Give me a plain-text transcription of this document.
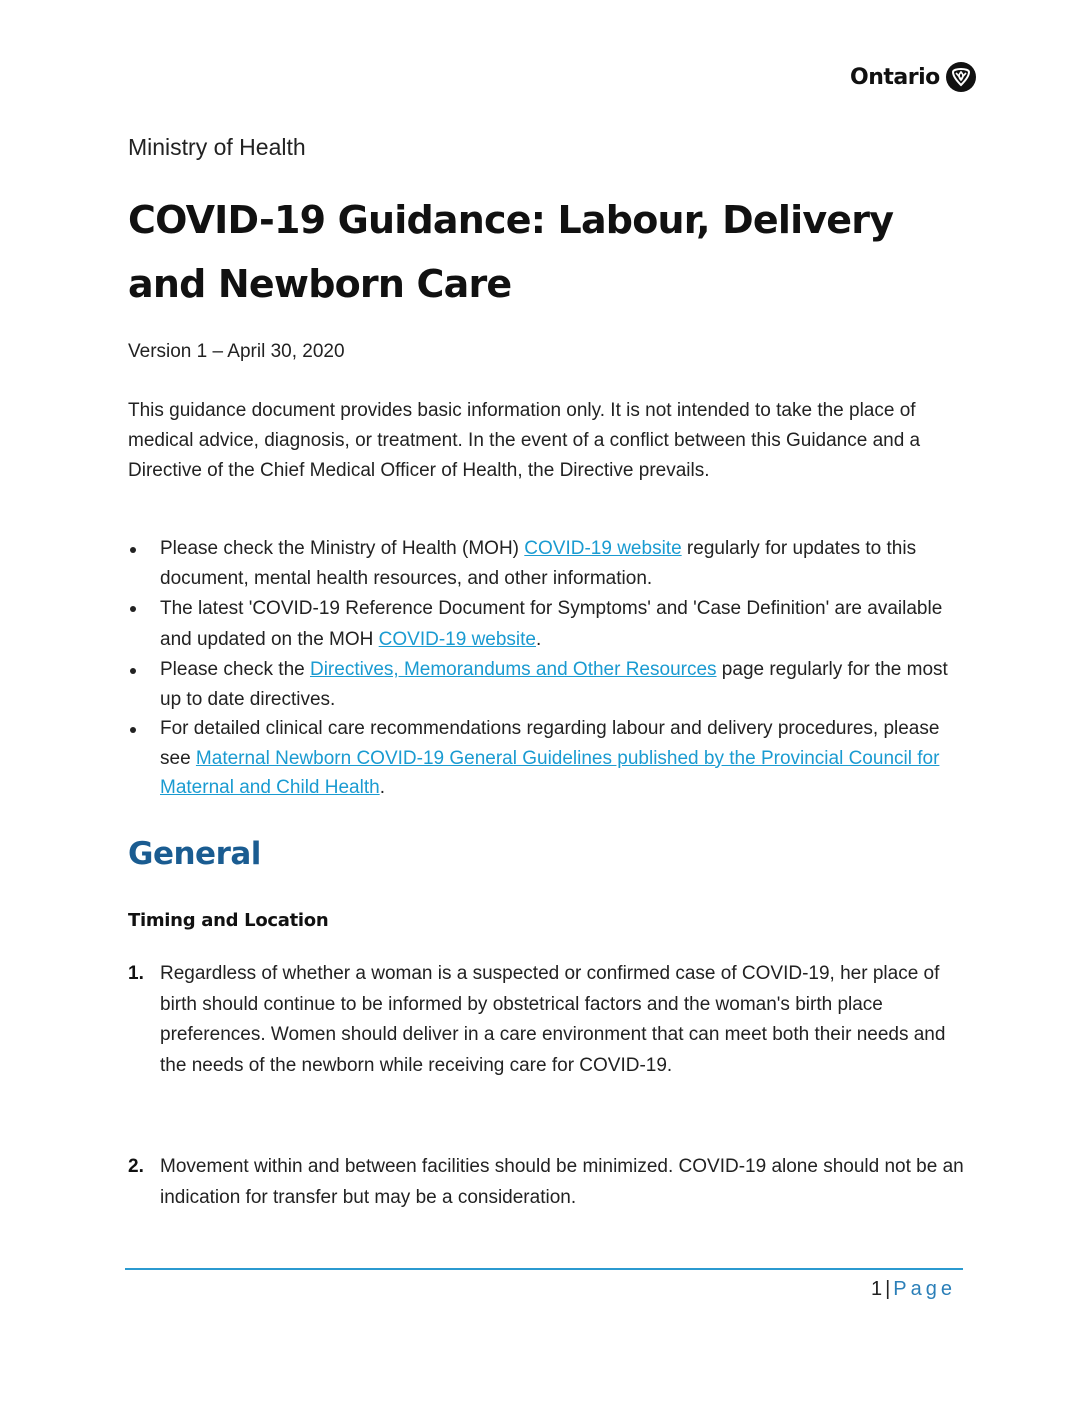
Ontario
Ministry of Health
COVID-19 Guidance: Labour, Delivery
and Newborn Care
Version 1 – April 30, 2020

This guidance document provides basic information only. It is not intended to take the place of medical advice, diagnosis, or treatment. In the event of a conflict between this Guidance and a Directive of the Chief Medical Officer of Health, the Directive prevails.

Please check the Ministry of Health (MOH) COVID-19 website regularly for updates to this document, mental health resources, and other information.
The latest 'COVID-19 Reference Document for Symptoms' and 'Case Definition' are available and updated on the MOH COVID-19 website.
Please check the Directives, Memorandums and Other Resources page regularly for the most up to date directives.
For detailed clinical care recommendations regarding labour and delivery procedures, please see Maternal Newborn COVID-19 General Guidelines published by the Provincial Council for Maternal and Child Health.
General
Timing and Location
1. Regardless of whether a woman is a suspected or confirmed case of COVID-19, her place of birth should continue to be informed by obstetrical factors and the woman's birth place preferences. Women should deliver in a care environment that can meet both their needs and the needs of the newborn while receiving care for COVID-19.
2. Movement within and between facilities should be minimized. COVID-19 alone should not be an indication for transfer but may be a consideration.
1 | Page
